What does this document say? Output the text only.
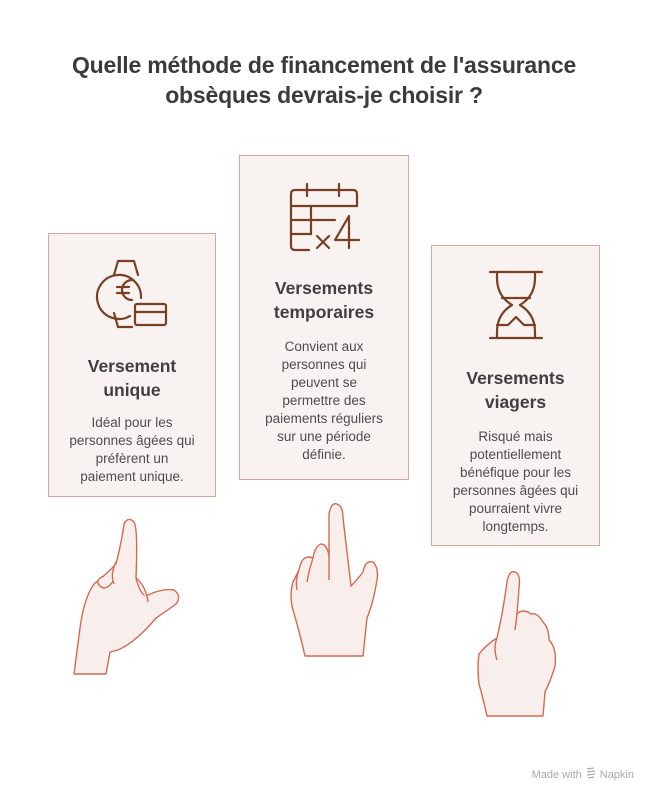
Quelle méthode de financement de l'assurance
obsèques devrais-je choisir ?
Versement
unique

Idéal pour les
personnes âgées qui
préfèrent un
paiement unique.

Versements
temporaires

Convient aux
personnes qui
peuvent se
permettre des
paiements réguliers
sur une période
définie.

Versements
viagers

Risqué mais
potentiellement
bénéfique pour les
personnes âgées qui
pourraient vivre
longtemps.

Made with Napkin
